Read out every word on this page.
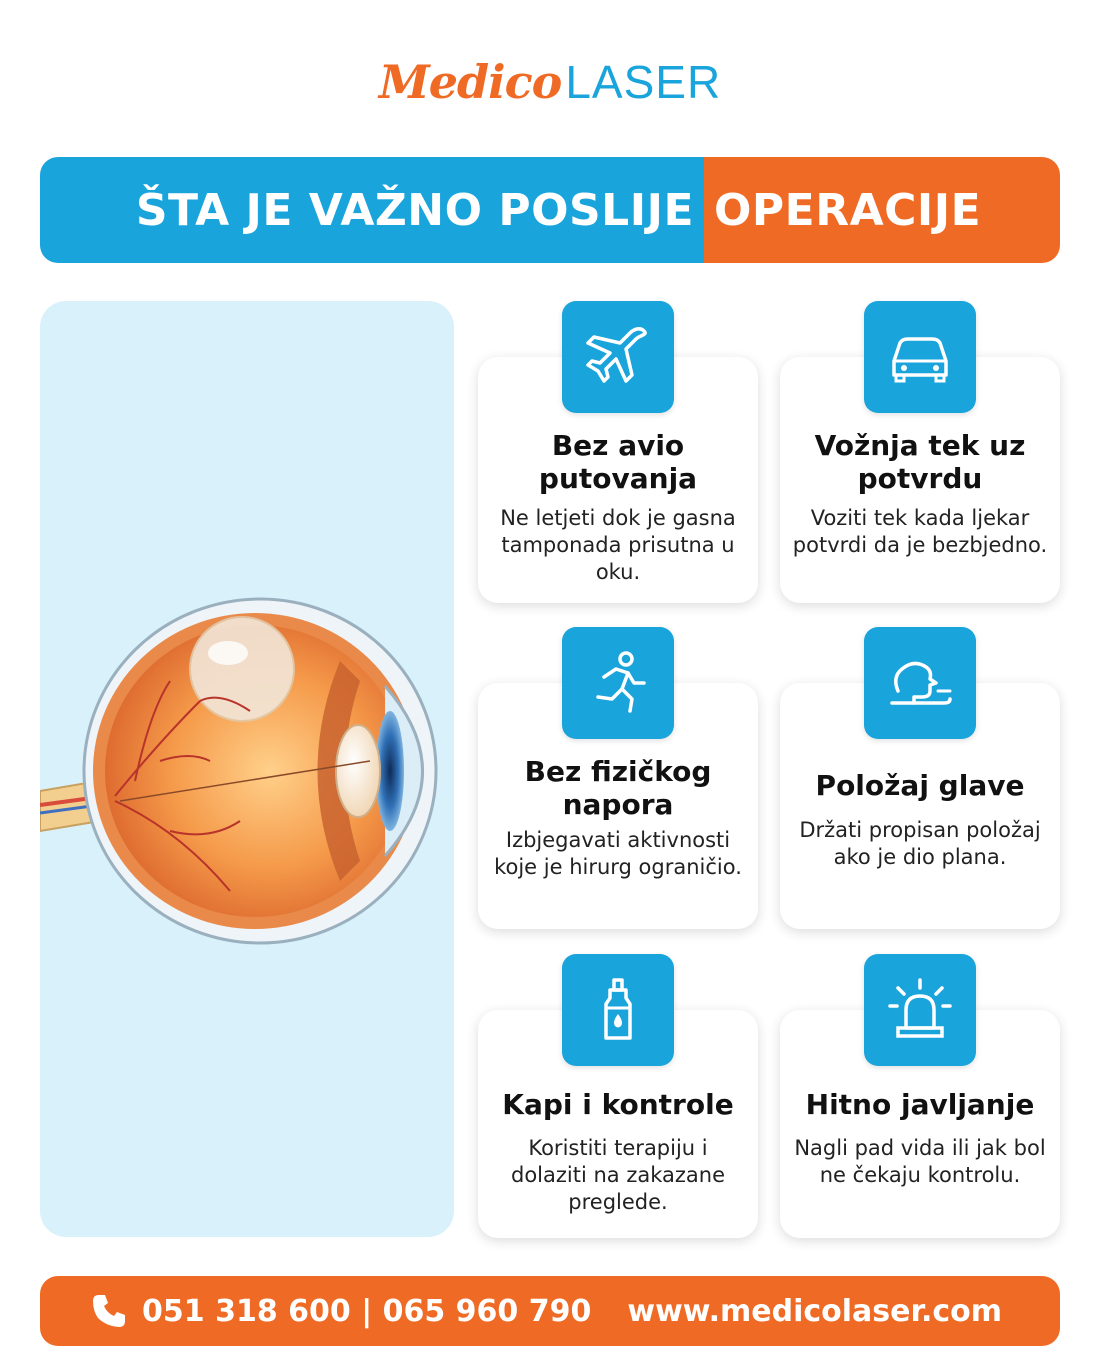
MedicoLASER
ŠTA JE VAŽNO POSLIJE OPERACIJE
Bez avio putovanja
Ne letjeti dok je gasna tamponada prisutna u oku.
Vožnja tek uz potvrdu
Voziti tek kada ljekar potvrdi da je bezbjedno.
Bez fizičkog napora
Izbjegavati aktivnosti koje je hirurg ograničio.
Položaj glave
Držati propisan položaj ako je dio plana.
Kapi i kontrole
Koristiti terapiju i dolaziti na zakazane preglede.
Hitno javljanje
Nagli pad vida ili jak bol ne čekaju kontrolu.
051 318 600 | 065 960 790 www.medicolaser.com
